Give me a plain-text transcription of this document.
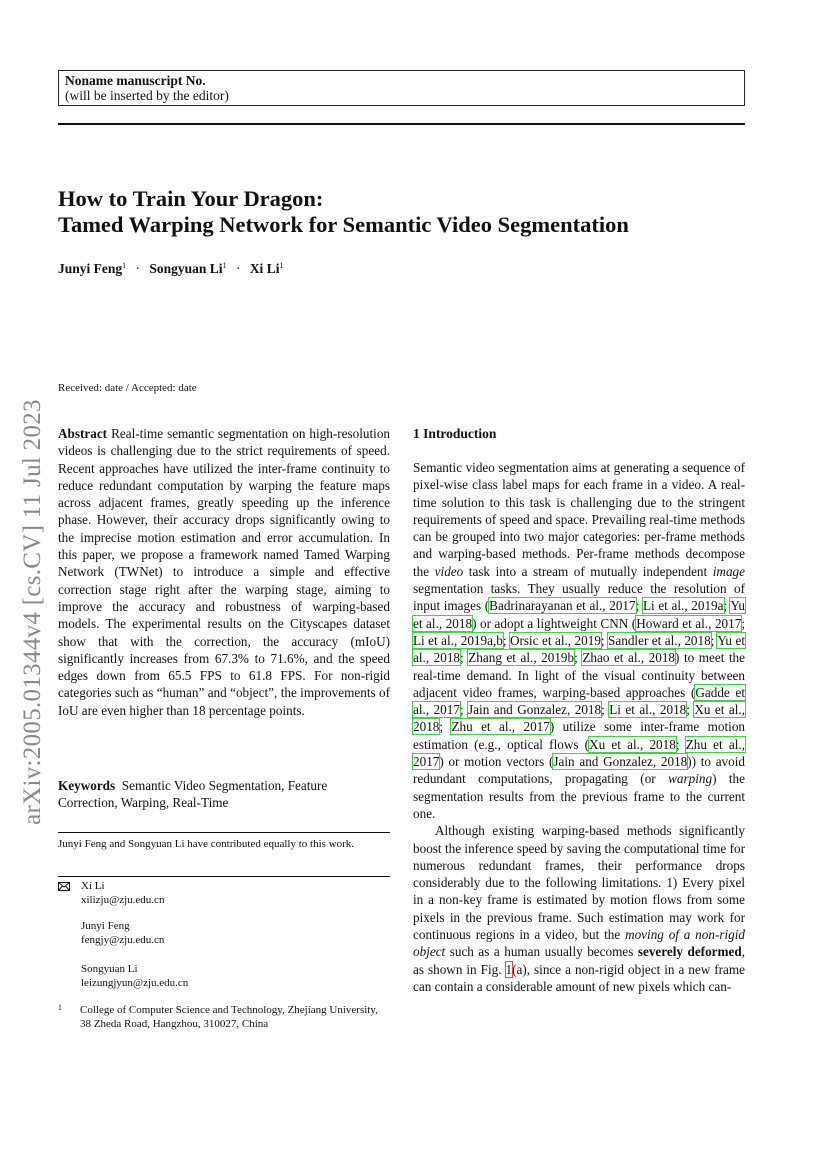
Noname manuscript No.
(will be inserted by the editor)
How to Train Your Dragon:
Tamed Warping Network for Semantic Video Segmentation
Junyi Feng$^1$ · Songyuan $Li^1 \cdot Xi$ Li$^1$
arXiv:2005.01344v4 [cs.CV] 11 Jul 2023
Received: date / Accepted: date

Abstract Real-time semantic segmentation on high-resolution videos is challenging due to the strict requirements of speed. Recent approaches have utilized the inter-frame continuity to reduce redundant computation by warping the feature maps across adjacent frames, greatly speeding up the inference phase. However, their accuracy drops significantly owing to the imprecise motion estimation and error accumulation. In this paper, we propose a framework named Tamed Warping Network (TWNet) to introduce a simple and effective correction stage right after the warping stage, aiming to improve the accuracy and robustness of warping-based models. The experimental results on the Cityscapes dataset show that with the correction, the accuracy (mIoU) significantly increases from 67.3% to 71.6%, and the speed edges down from 65.5 FPS to 61.8 FPS. For non-rigid categories such as “human” and “object”, the improvements of IoU are even higher than 18 percentage points.

Keywords Semantic Video Segmentation, Feature Correction, Warping, Real-Time
Junyi Feng and Songyuan Li have contributed equally to this work.
Xi Li
xilizju@zju.edu.cn
Junyi Feng
fengjy@zju.edu.cn
Songyuan Li
leizungjyun@zju.edu.cn
1 College of Computer Science and Technology, Zhejiang University, 38 Zheda Road, Hangzhou, 310027, China
1 Introduction

Semantic video segmentation aims at generating a sequence of pixel-wise class label maps for each frame in a video. A real-time solution to this task is challenging due to the stringent requirements of speed and space. Prevailing real-time methods can be grouped into two major categories: per-frame methods and warping-based methods. Per-frame methods decompose the video task into a stream of mutually independent image segmentation tasks. They usually reduce the resolution of input images (Badrinarayanan et al., 2017; Li et al., 2019a; Yu et al., 2018) or adopt a lightweight CNN (Howard et al., 2017; Li et al., 2019a,b; Orsic et al., 2019; Sandler et al., 2018; Yu et al., 2018; Zhang et al., 2019b; Zhao et al., 2018) to meet the real-time demand. In light of the visual continuity between adjacent video frames, warping-based approaches (Gadde et al., 2017; Jain and Gonzalez, 2018; Li et al., 2018; Xu et al., 2018; Zhu et al., 2017) utilize some inter-frame motion estimation (e.g., optical flows (Xu et al., 2018; Zhu et al., 2017) or motion vectors (Jain and Gonzalez, 2018)) to avoid redundant computations, propagating (or warping) the segmentation results from the previous frame to the current one.

Although existing warping-based methods significantly boost the inference speed by saving the computational time for numerous redundant frames, their performance drops considerably due to the following limitations. 1) Every pixel in a non-key frame is estimated by motion flows from some pixels in the previous frame. Such estimation may work for continuous regions in a video, but the moving of a non-rigid object such as a human usually becomes severely deformed, as shown in Fig. 1(a), since a non-rigid object in a new frame can contain a considerable amount of new pixels which can-
